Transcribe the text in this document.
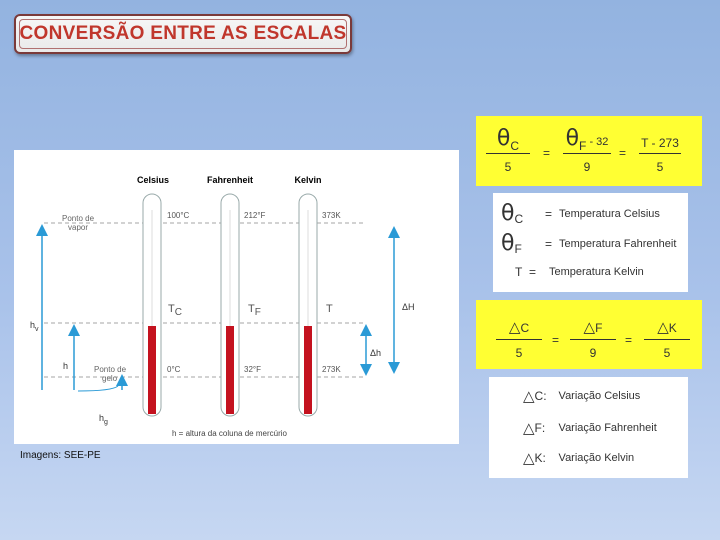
CONVERSÃO ENTRE AS ESCALAS
Celsius	Fahrenheit	Kelvin
100°C	212°F	373K
0°C	32°F	273K
TC	TF	T
Ponto de vapor
Ponto de gelo
$h_v$
h
$h_g$
ΔH
Δh
h = altura da coluna de mercúrio
Imagens: SEE-PE
$\frac{\theta C}{5} = \frac{\theta F - 32}{9} = \frac{T - 273}{5}$
θ C = Temperatura Celsius
θ F = Temperatura Fahrenheit
T =	Temperatura Kelvin
$\frac{\triangle C}{5} = \frac{\triangle F}{9} = \frac{\triangle K}{5}$
△ C:	Variação Celsius
△ F:	Variação Fahrenheit
△ K:	Variação Kelvin
